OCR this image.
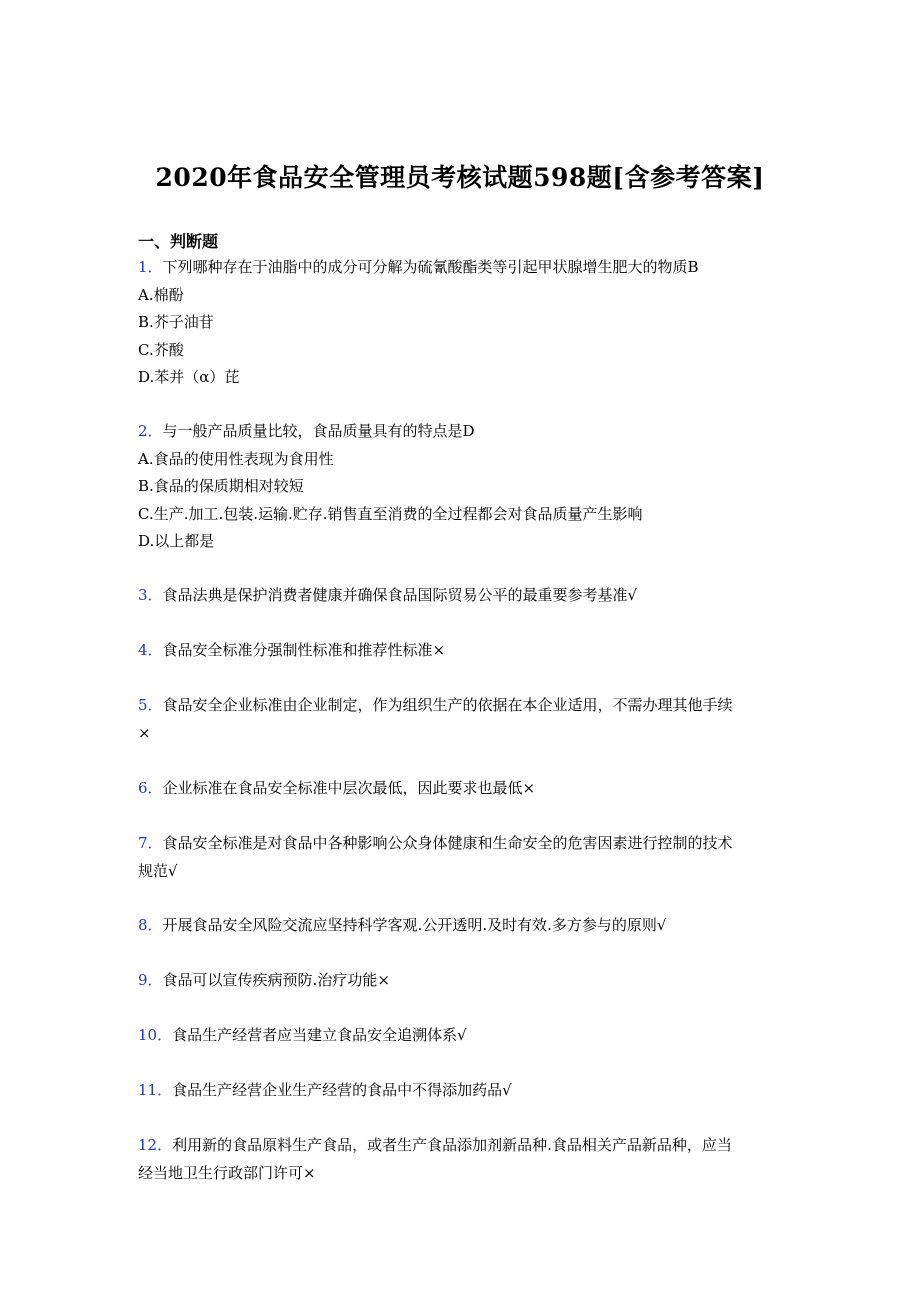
2020年食品安全管理员考核试题598题[含参考答案]
一、判断题
1．下列哪种存在于油脂中的成分可分解为硫氰酸酯类等引起甲状腺增生肥大的物质B
A.棉酚
B.芥子油苷
C.芥酸
D.苯并（α）芘
2．与一般产品质量比较，食品质量具有的特点是D
A.食品的使用性表现为食用性
B.食品的保质期相对较短
C.生产.加工.包装.运输.贮存.销售直至消费的全过程都会对食品质量产生影响
D.以上都是
3．食品法典是保护消费者健康并确保食品国际贸易公平的最重要参考基准√
4．食品安全标准分强制性标准和推荐性标准×
5．食品安全企业标准由企业制定，作为组织生产的依据在本企业适用，不需办理其他手续
×
6．企业标准在食品安全标准中层次最低，因此要求也最低×
7．食品安全标准是对食品中各种影响公众身体健康和生命安全的危害因素进行控制的技术
规范√
8．开展食品安全风险交流应坚持科学客观.公开透明.及时有效.多方参与的原则√
9．食品可以宣传疾病预防.治疗功能×
10．食品生产经营者应当建立食品安全追溯体系√
11．食品生产经营企业生产经营的食品中不得添加药品√
12．利用新的食品原料生产食品，或者生产食品添加剂新品种.食品相关产品新品种，应当
经当地卫生行政部门许可×
